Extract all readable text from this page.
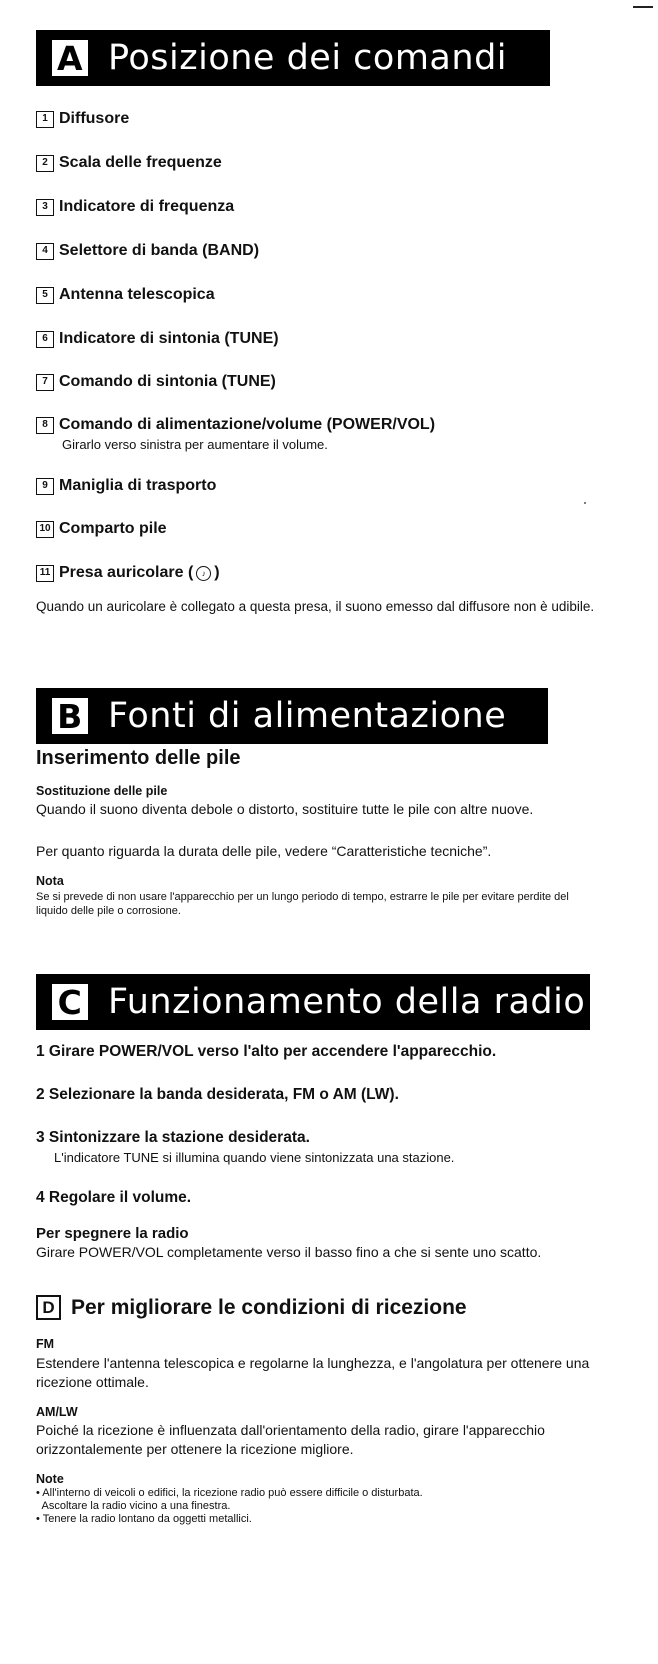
A Posizione dei comandi
1 Diffusore
2 Scala delle frequenze
3 Indicatore di frequenza
4 Selettore di banda (BAND)
5 Antenna telescopica
6 Indicatore di sintonia (TUNE)
7 Comando di sintonia (TUNE)
8 Comando di alimentazione/volume (POWER/VOL)
Girarlo verso sinistra per aumentare il volume.
9 Maniglia di trasporto
10 Comparto pile
11 Presa auricolare (	♪ )
Quando un auricolare è collegato a questa presa, il suono emesso dal diffusore non è udibile.
B Fonti di alimentazione
Inserimento delle pile
Sostituzione delle pile
Quando il suono diventa debole o distorto, sostituire tutte le pile con altre nuove.
Per quanto riguarda la durata delle pile, vedere “Caratteristiche tecniche”.
Nota
Se si prevede di non usare l'apparecchio per un lungo periodo di tempo, estrarre le pile per evitare perdite del liquido delle pile o corrosione.
C Funzionamento della radio
1 Girare POWER/VOL verso l'alto per accendere l'apparecchio.
2 Selezionare la banda desiderata, FM o AM (LW).
3 Sintonizzare la stazione desiderata.
L'indicatore TUNE si illumina quando viene sintonizzata una stazione.
4 Regolare il volume.
Per spegnere la radio
Girare POWER/VOL completamente verso il basso fino a che si sente uno scatto.
D Per migliorare le condizioni di ricezione
FM
Estendere l'antenna telescopica e regolarne la lunghezza, e l'angolatura per ottenere una ricezione ottimale.
AM/LW
Poiché la ricezione è influenzata dall'orientamento della radio, girare l'apparecchio orizzontalemente per ottenere la ricezione migliore.
Note
• All'interno di veicoli o edifici, la ricezione radio può essere difficile o disturbata.
Ascoltare la radio vicino a una finestra.
• Tenere la radio lontano da oggetti metallici.
